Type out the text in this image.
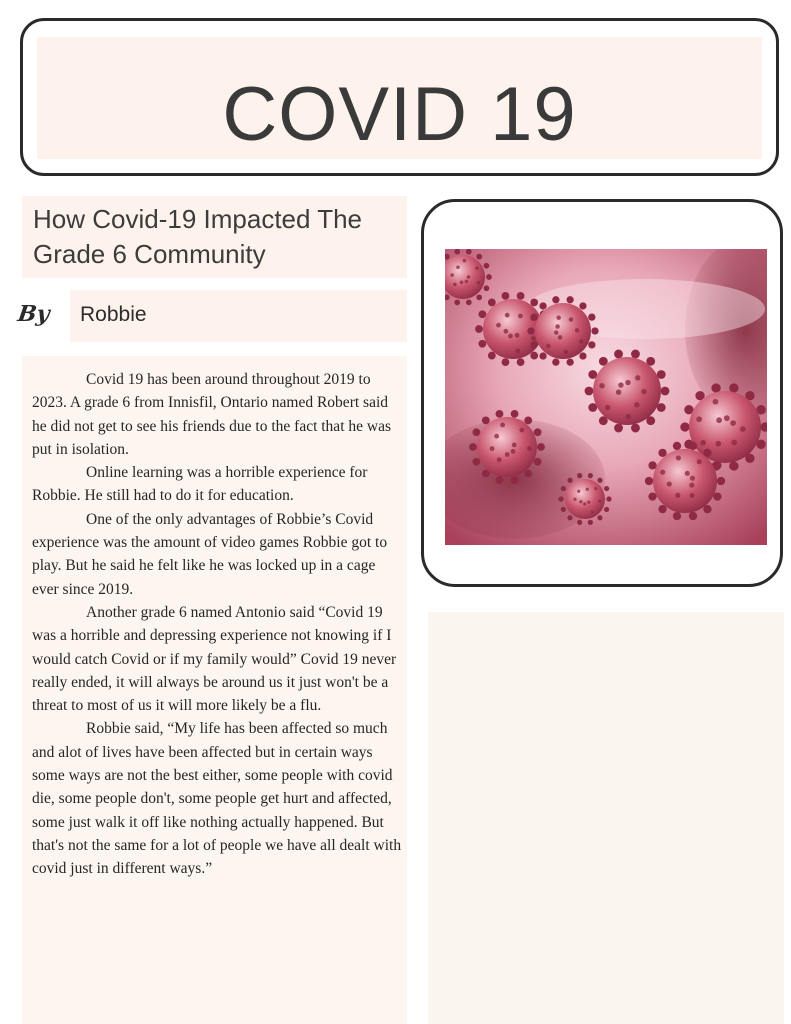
COVID 19
How Covid-19 Impacted The Grade 6 Community
By Robbie

Covid 19 has been around throughout 2019 to 2023. A grade 6 from Innisfil, Ontario named Robert said he did not get to see his friends due to the fact that he was put in isolation.

Online learning was a horrible experience for Robbie. He still had to do it for education.

One of the only advantages of Robbie’s Covid experience was the amount of video games Robbie got to play. But he said he felt like he was locked up in a cage ever since 2019.

Another grade 6 named Antonio said “Covid 19 was a horrible and depressing experience not knowing if I would catch Covid or if my family would” Covid 19 never really ended, it will always be around us it just won't be a threat to most of us it will more likely be a flu.

Robbie said, “My life has been affected so much and alot of lives have been affected but in certain ways some ways are not the best either, some people with covid die, some people don't, some people get hurt and affected, some just walk it off like nothing actually happened. But that's not the same for a lot of people we have all dealt with covid just in different ways.”
